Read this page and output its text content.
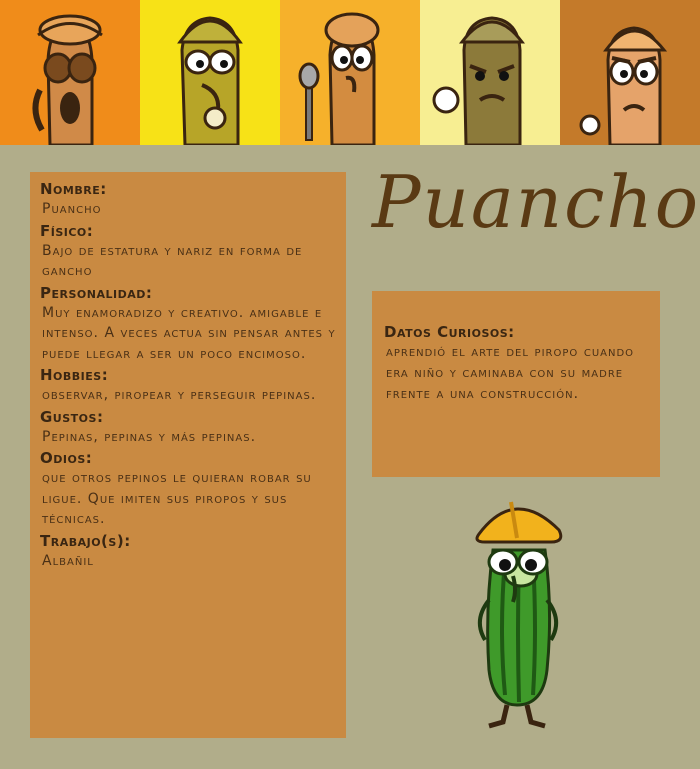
Nombre:
Puancho
Físico:
Bajo de estatura y nariz en forma de gancho
Personalidad:
Muy enamoradizo y creativo. amigable e intenso. A veces actua sin pensar antes y puede llegar a ser un poco encimoso.
Hobbies:
observar, piropear y perseguir pepinas.
Gustos:
Pepinas, pepinas y más pepinas.
Odios:
que otros pepinos le quieran robar su ligue. Que imiten sus piropos y sus técnicas.
Trabajo(s):
Albañil
Puancho
Datos Curiosos:
aprendió el arte del piropo cuando era niño y caminaba con su madre frente a una construcción.
